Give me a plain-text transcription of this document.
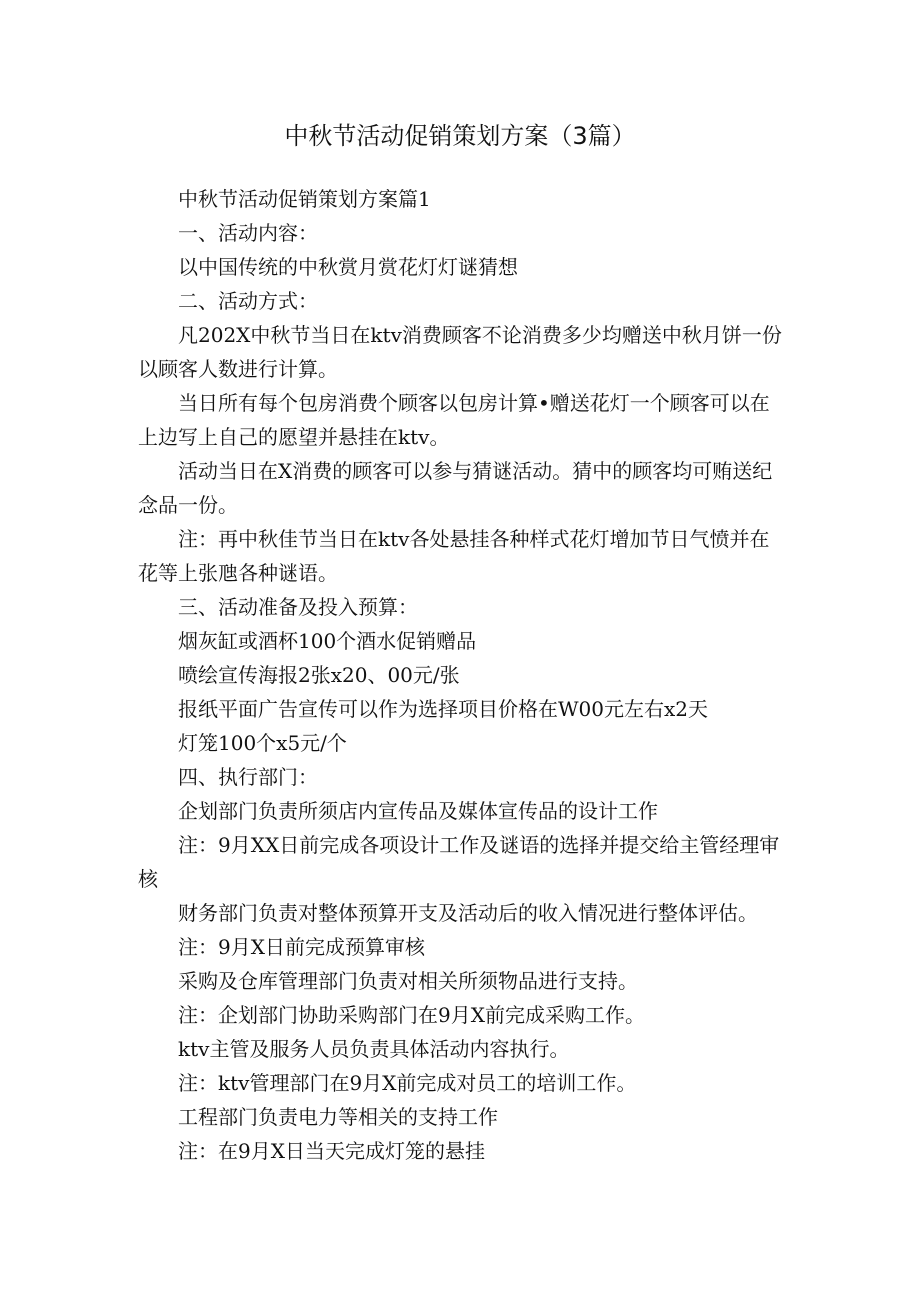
中秋节活动促销策划方案（3篇）

中秋节活动促销策划方案篇1

一、活动内容：

以中国传统的中秋赏月赏花灯灯谜猜想

二、活动方式：

凡202X中秋节当日在ktv消费顾客不论消费多少均赠送中秋月饼一份以顾客人数进行计算。

当日所有每个包房消费个顾客以包房计算•赠送花灯一个顾客可以在上边写上自己的愿望并悬挂在ktv。

活动当日在X消费的顾客可以参与猜谜活动。猜中的顾客均可贿送纪念品一份。

注：再中秋佳节当日在ktv各处悬挂各种样式花灯增加节日气愤并在花等上张虺各种谜语。

三、活动准备及投入预算：

烟灰缸或酒杯100个酒水促销赠品

喷绘宣传海报2张x20、00元/张

报纸平面广告宣传可以作为选择项目价格在W00元左右x2天

灯笼100个x5元/个

四、执行部门：

企划部门负责所须店内宣传品及媒体宣传品的设计工作

注：9月XX日前完成各项设计工作及谜语的选择并提交给主管经理审核

财务部门负责对整体预算开支及活动后的收入情况进行整体评估。

注：9月X日前完成预算审核

采购及仓库管理部门负责对相关所须物品进行支持。

注：企划部门协助采购部门在9月X前完成采购工作。

ktv主管及服务人员负责具体活动内容执行。

注：ktv管理部门在9月X前完成对员工的培训工作。

工程部门负责电力等相关的支持工作

注：在9月X日当天完成灯笼的悬挂
